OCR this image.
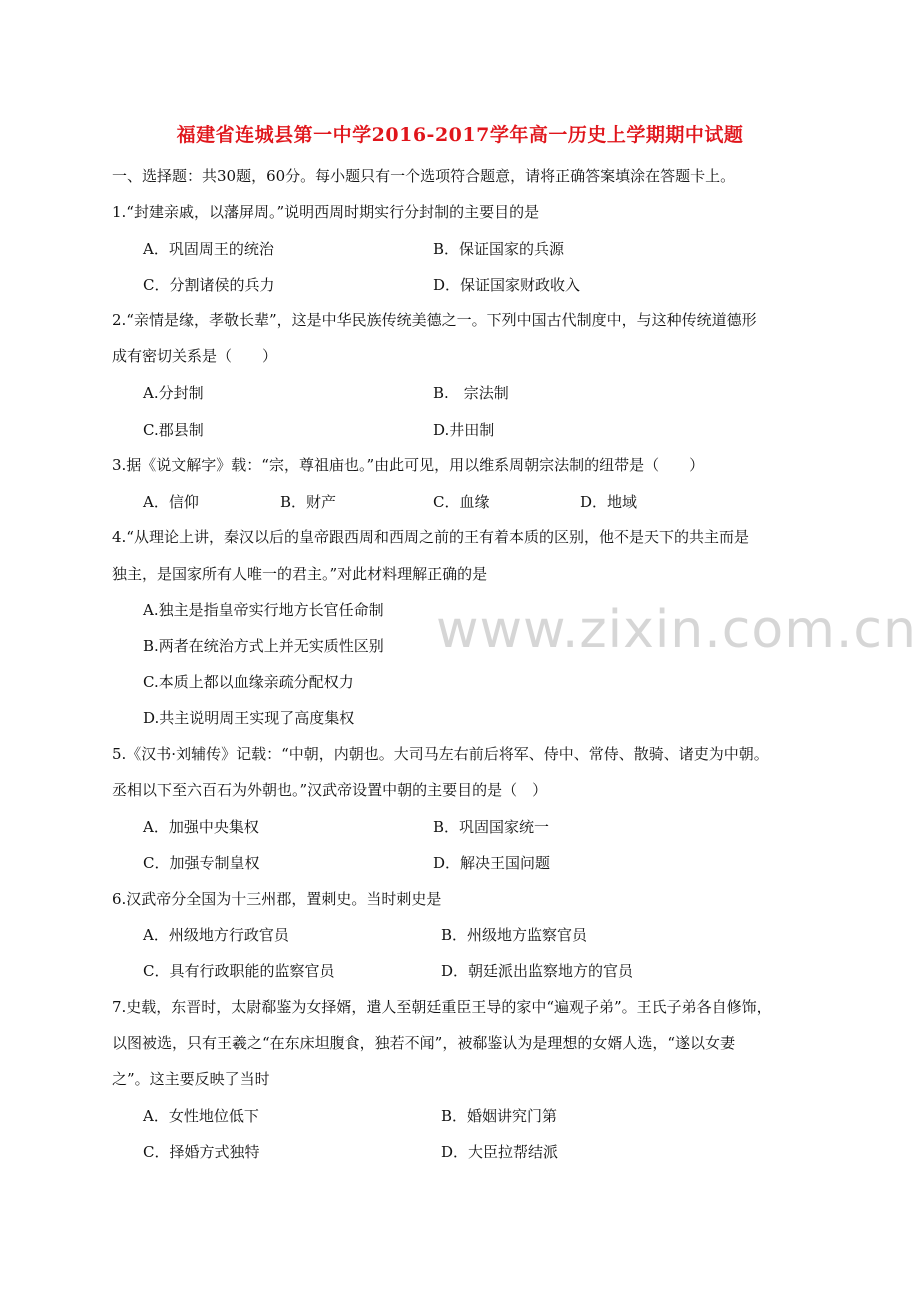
www.zixin.com.cn
福建省连城县第一中学2016-2017学年高一历史上学期期中试题
一、选择题：共30题，60分。每小题只有一个选项符合题意，请将正确答案填涂在答题卡上。
1.“封建亲戚，以藩屏周。”说明西周时期实行分封制的主要目的是
A．巩固周王的统治	B．保证国家的兵源
C．分割诸侯的兵力	D．保证国家财政收入
2.“亲情是缘，孝敬长辈”，这是中华民族传统美德之一。下列中国古代制度中，与这种传统道德形
成有密切关系是（　　）
A.分封制	B.　宗法制
C.郡县制	D.井田制
3.据《说文解字》载：“宗，尊祖庙也。”由此可见，用以维系周朝宗法制的纽带是（　　）
A．信仰	B．财产	C．血缘	D．地域
4.“从理论上讲，秦汉以后的皇帝跟西周和西周之前的王有着本质的区别，他不是天下的共主而是
独主，是国家所有人唯一的君主。”对此材料理解正确的是
A.独主是指皇帝实行地方长官任命制
B.两者在统治方式上并无实质性区别
C.本质上都以血缘亲疏分配权力
D.共主说明周王实现了高度集权
5.《汉书·刘辅传》记载：“中朝，内朝也。大司马左右前后将军、侍中、常侍、散骑、诸吏为中朝。
丞相以下至六百石为外朝也。”汉武帝设置中朝的主要目的是（　）
A．加强中央集权	B．巩固国家统一
C．加强专制皇权	D．解决王国问题
6.汉武帝分全国为十三州郡，置刺史。当时刺史是
A．州级地方行政官员	B．州级地方监察官员
C．具有行政职能的监察官员	D．朝廷派出监察地方的官员
7.史载，东晋时，太尉郗鉴为女择婿，遣人至朝廷重臣王导的家中“遍观子弟”。王氏子弟各自修饰，
以图被选，只有王羲之“在东床坦腹食，独若不闻”，被郗鉴认为是理想的女婿人选，“遂以女妻
之”。这主要反映了当时
A．女性地位低下	B．婚姻讲究门第
C．择婚方式独特	D．大臣拉帮结派
